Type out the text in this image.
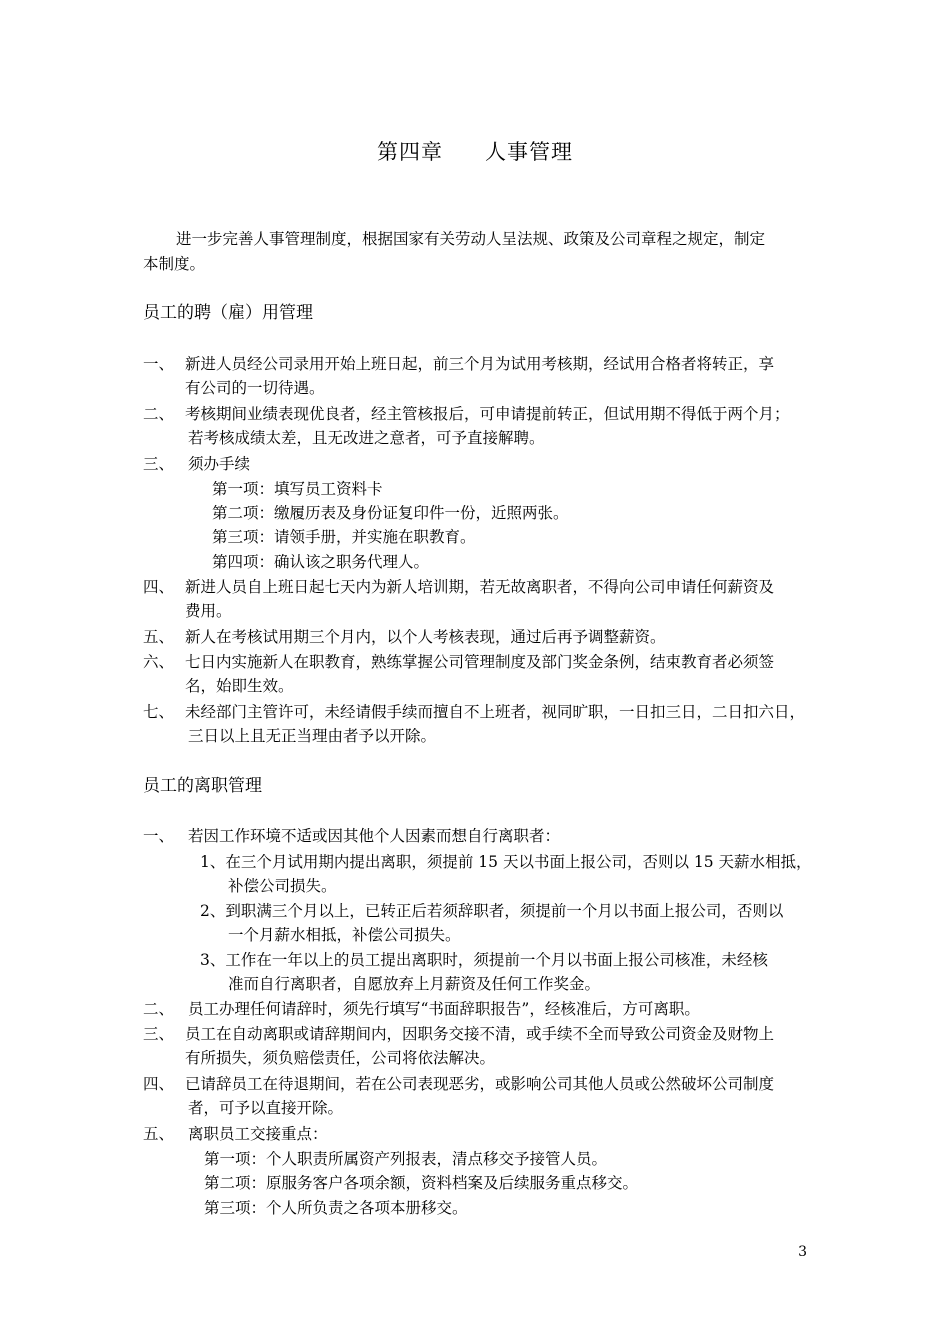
第四章 人事管理
进一步完善人事管理制度，根据国家有关劳动人呈法规、政策及公司章程之规定，制定
本制度。
员工的聘（雇）用管理
一、 新进人员经公司录用开始上班日起，前三个月为试用考核期，经试用合格者将转正，享
有公司的一切待遇。
二、 考核期间业绩表现优良者，经主管核报后，可申请提前转正，但试用期不得低于两个月；
若考核成绩太差，且无改进之意者，可予直接解聘。
三、 须办手续
第一项：填写员工资料卡
第二项：缴履历表及身份证复印件一份，近照两张。
第三项：请领手册，并实施在职教育。
第四项：确认该之职务代理人。
四、 新进人员自上班日起七天内为新人培训期，若无故离职者，不得向公司申请任何薪资及
费用。
五、 新人在考核试用期三个月内，以个人考核表现，通过后再予调整薪资。
六、 七日内实施新人在职教育，熟练掌握公司管理制度及部门奖金条例，结束教育者必须签
名，始即生效。
七、 未经部门主管许可，未经请假手续而擅自不上班者，视同旷职，一日扣三日，二日扣六日，
三日以上且无正当理由者予以开除。
员工的离职管理
一、 若因工作环境不适或因其他个人因素而想自行离职者：
1、在三个月试用期内提出离职，须提前 15 天以书面上报公司，否则以 15 天薪水相抵，
补偿公司损失。
2、到职满三个月以上，已转正后若须辞职者，须提前一个月以书面上报公司，否则以
一个月薪水相抵，补偿公司损失。
3、工作在一年以上的员工提出离职时，须提前一个月以书面上报公司核准，未经核
准而自行离职者，自愿放弃上月薪资及任何工作奖金。
二、 员工办理任何请辞时，须先行填写“书面辞职报告”，经核准后，方可离职。
三、 员工在自动离职或请辞期间内，因职务交接不清，或手续不全而导致公司资金及财物上
有所损失，须负赔偿责任，公司将依法解决。
四、 已请辞员工在待退期间，若在公司表现恶劣，或影响公司其他人员或公然破坏公司制度
者，可予以直接开除。
五、 离职员工交接重点：
第一项：个人职责所属资产列报表，清点移交予接管人员。
第二项：原服务客户各项余额，资料档案及后续服务重点移交。
第三项：个人所负责之各项本册移交。
3
